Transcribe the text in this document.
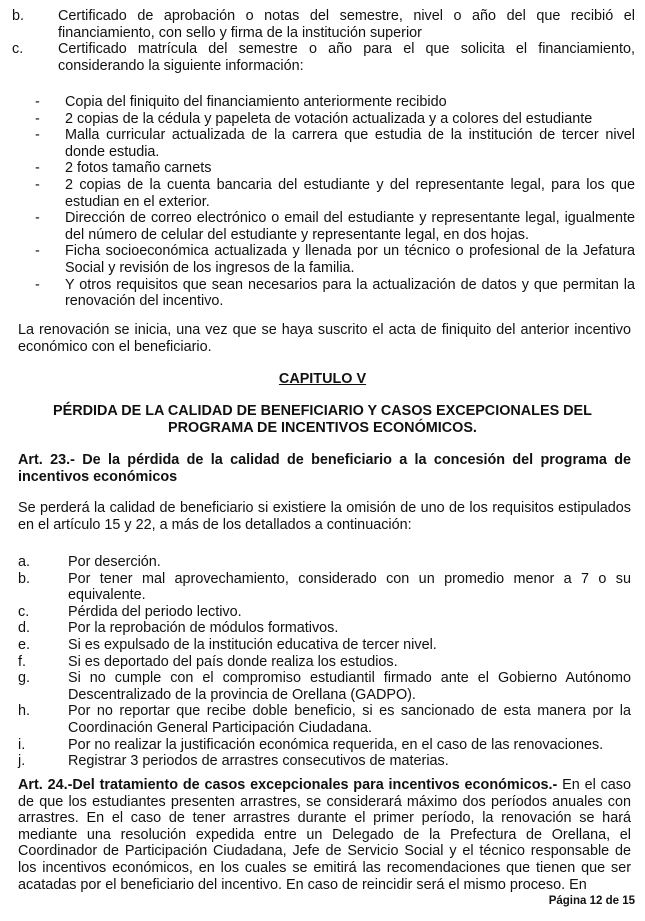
b.	Certificado de aprobación o notas del semestre, nivel o año del que recibió el financiamiento, con sello y firma de la institución superior
c.	Certificado matrícula del semestre o año para el que solicita el financiamiento, considerando la siguiente información:
-	Copia del finiquito del financiamiento anteriormente recibido
-	2 copias de la cédula y papeleta de votación actualizada y a colores del estudiante
-	Malla curricular actualizada de la carrera que estudia de la institución de tercer nivel donde estudia.
-	2 fotos tamaño carnets
-	2 copias de la cuenta bancaria del estudiante y del representante legal, para los que estudian en el exterior.
-	Dirección de correo electrónico o email del estudiante y representante legal, igualmente del número de celular del estudiante y representante legal, en dos hojas.
-	Ficha socioeconómica actualizada y llenada por un técnico o profesional de la Jefatura Social y revisión de los ingresos de la familia.
-	Y otros requisitos que sean necesarios para la actualización de datos y que permitan la renovación del incentivo.
La renovación se inicia, una vez que se haya suscrito el acta de finiquito del anterior incentivo económico con el beneficiario.
CAPITULO V
PÉRDIDA DE LA CALIDAD DE BENEFICIARIO Y CASOS EXCEPCIONALES DEL
PROGRAMA DE INCENTIVOS ECONÓMICOS.
Art. 23.- De la pérdida de la calidad de beneficiario a la concesión del programa de incentivos económicos
Se perderá la calidad de beneficiario si existiere la omisión de uno de los requisitos estipulados en el artículo 15 y 22, a más de los detallados a continuación:
a.	Por deserción.
b.	Por tener mal aprovechamiento, considerado con un promedio menor a 7 o su equivalente.
c.	Pérdida del periodo lectivo.
d.	Por la reprobación de módulos formativos.
e.	Si es expulsado de la institución educativa de tercer nivel.
f.	Si es deportado del país donde realiza los estudios.
g.	Si no cumple con el compromiso estudiantil firmado ante el Gobierno Autónomo Descentralizado de la provincia de Orellana (GADPO).
h.	Por no reportar que recibe doble beneficio, si es sancionado de esta manera por la Coordinación General Participación Ciudadana.
i.	Por no realizar la justificación económica requerida, en el caso de las renovaciones.
j.	Registrar 3 periodos de arrastres consecutivos de materias.
Art. 24.-Del tratamiento de casos excepcionales para incentivos económicos.- En el caso de que los estudiantes presenten arrastres, se considerará máximo dos períodos anuales con arrastres. En el caso de tener arrastres durante el primer período, la renovación se hará mediante una resolución expedida entre un Delegado de la Prefectura de Orellana, el Coordinador de Participación Ciudadana, Jefe de Servicio Social y el técnico responsable de los incentivos económicos, en los cuales se emitirá las recomendaciones que tienen que ser acatadas por el beneficiario del incentivo. En caso de reincidir será el mismo proceso. En
Página 12 de 15
